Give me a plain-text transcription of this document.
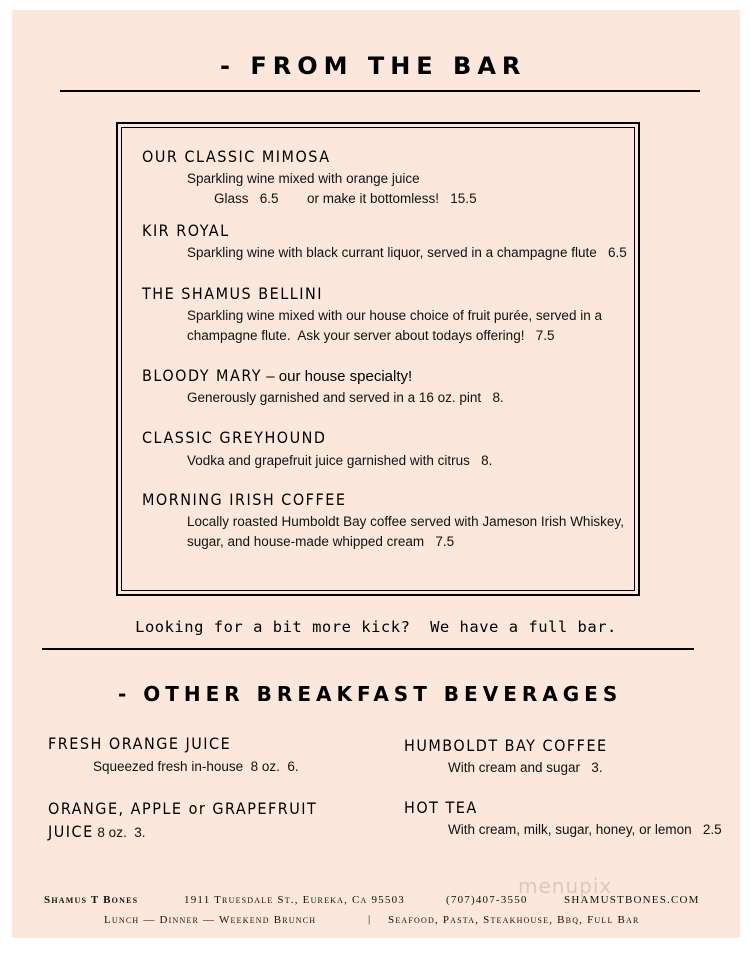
- FROM THE BAR
OUR CLASSIC MIMOSA
Sparkling wine mixed with orange juice
Glass   6.5 or make it bottomless!   15.5
KIR ROYAL
Sparkling wine with black currant liquor, served in a champagne flute   6.5
THE SHAMUS BELLINI
Sparkling wine mixed with our house choice of fruit purée, served in a
champagne flute.  Ask your server about todays offering!   7.5
BLOODY MARY – our house specialty!
Generously garnished and served in a 16 oz. pint   8.
CLASSIC GREYHOUND
Vodka and grapefruit juice garnished with citrus   8.
MORNING IRISH COFFEE
Locally roasted Humboldt Bay coffee served with Jameson Irish Whiskey,
sugar, and house-made whipped cream   7.5
Looking for a bit more kick?  We have a full bar.
- OTHER BREAKFAST BEVERAGES
FRESH ORANGE JUICE
Squeezed fresh in-house  8 oz.  6.
ORANGE, APPLE or GRAPEFRUIT
JUICE 8 oz.  3.
HUMBOLDT BAY COFFEE
With cream and sugar   3.
HOT TEA
With cream, milk, sugar, honey, or lemon   2.5
menupix
Shamus T Bones	1911 Truesdale St., Eureka, Ca 95503	(707)407-3550	SHAMUSTBONES.COM
Lunch — Dinner — Weekend Brunch	| Seafood, Pasta, Steakhouse, Bbq, Full Bar
